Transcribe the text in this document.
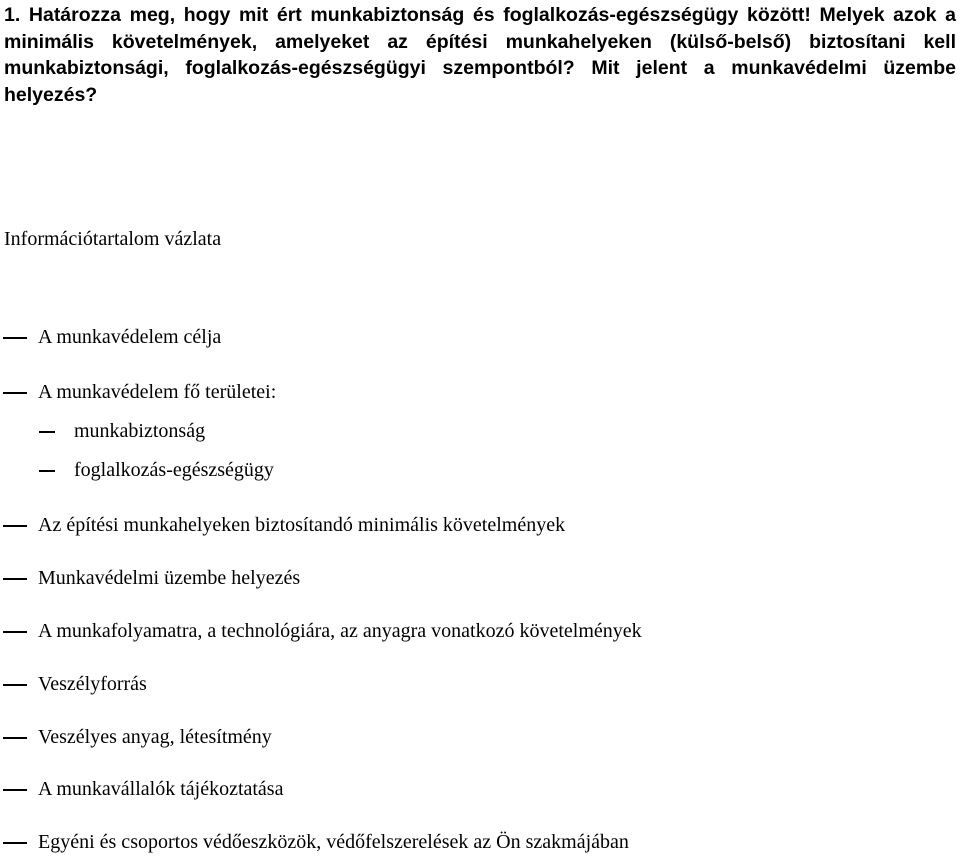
1. Határozza meg, hogy mit ért munkabiztonság és foglalkozás-egészségügy között! Melyek azok a minimális követelmények, amelyeket az építési munkahelyeken (külső-belső) biztosítani kell munkabiztonsági, foglalkozás-egészségügyi szempontból? Mit jelent a munkavédelmi üzembe helyezés?

Információtartalom vázlata
A munkavédelem célja
A munkavédelem fő területei:
munkabiztonság
foglalkozás-egészségügy
Az építési munkahelyeken biztosítandó minimális követelmények
Munkavédelmi üzembe helyezés
A munkafolyamatra, a technológiára, az anyagra vonatkozó követelmények
Veszélyforrás
Veszélyes anyag, létesítmény
A munkavállalók tájékoztatása
Egyéni és csoportos védőeszközök, védőfelszerelések az Ön szakmájában
